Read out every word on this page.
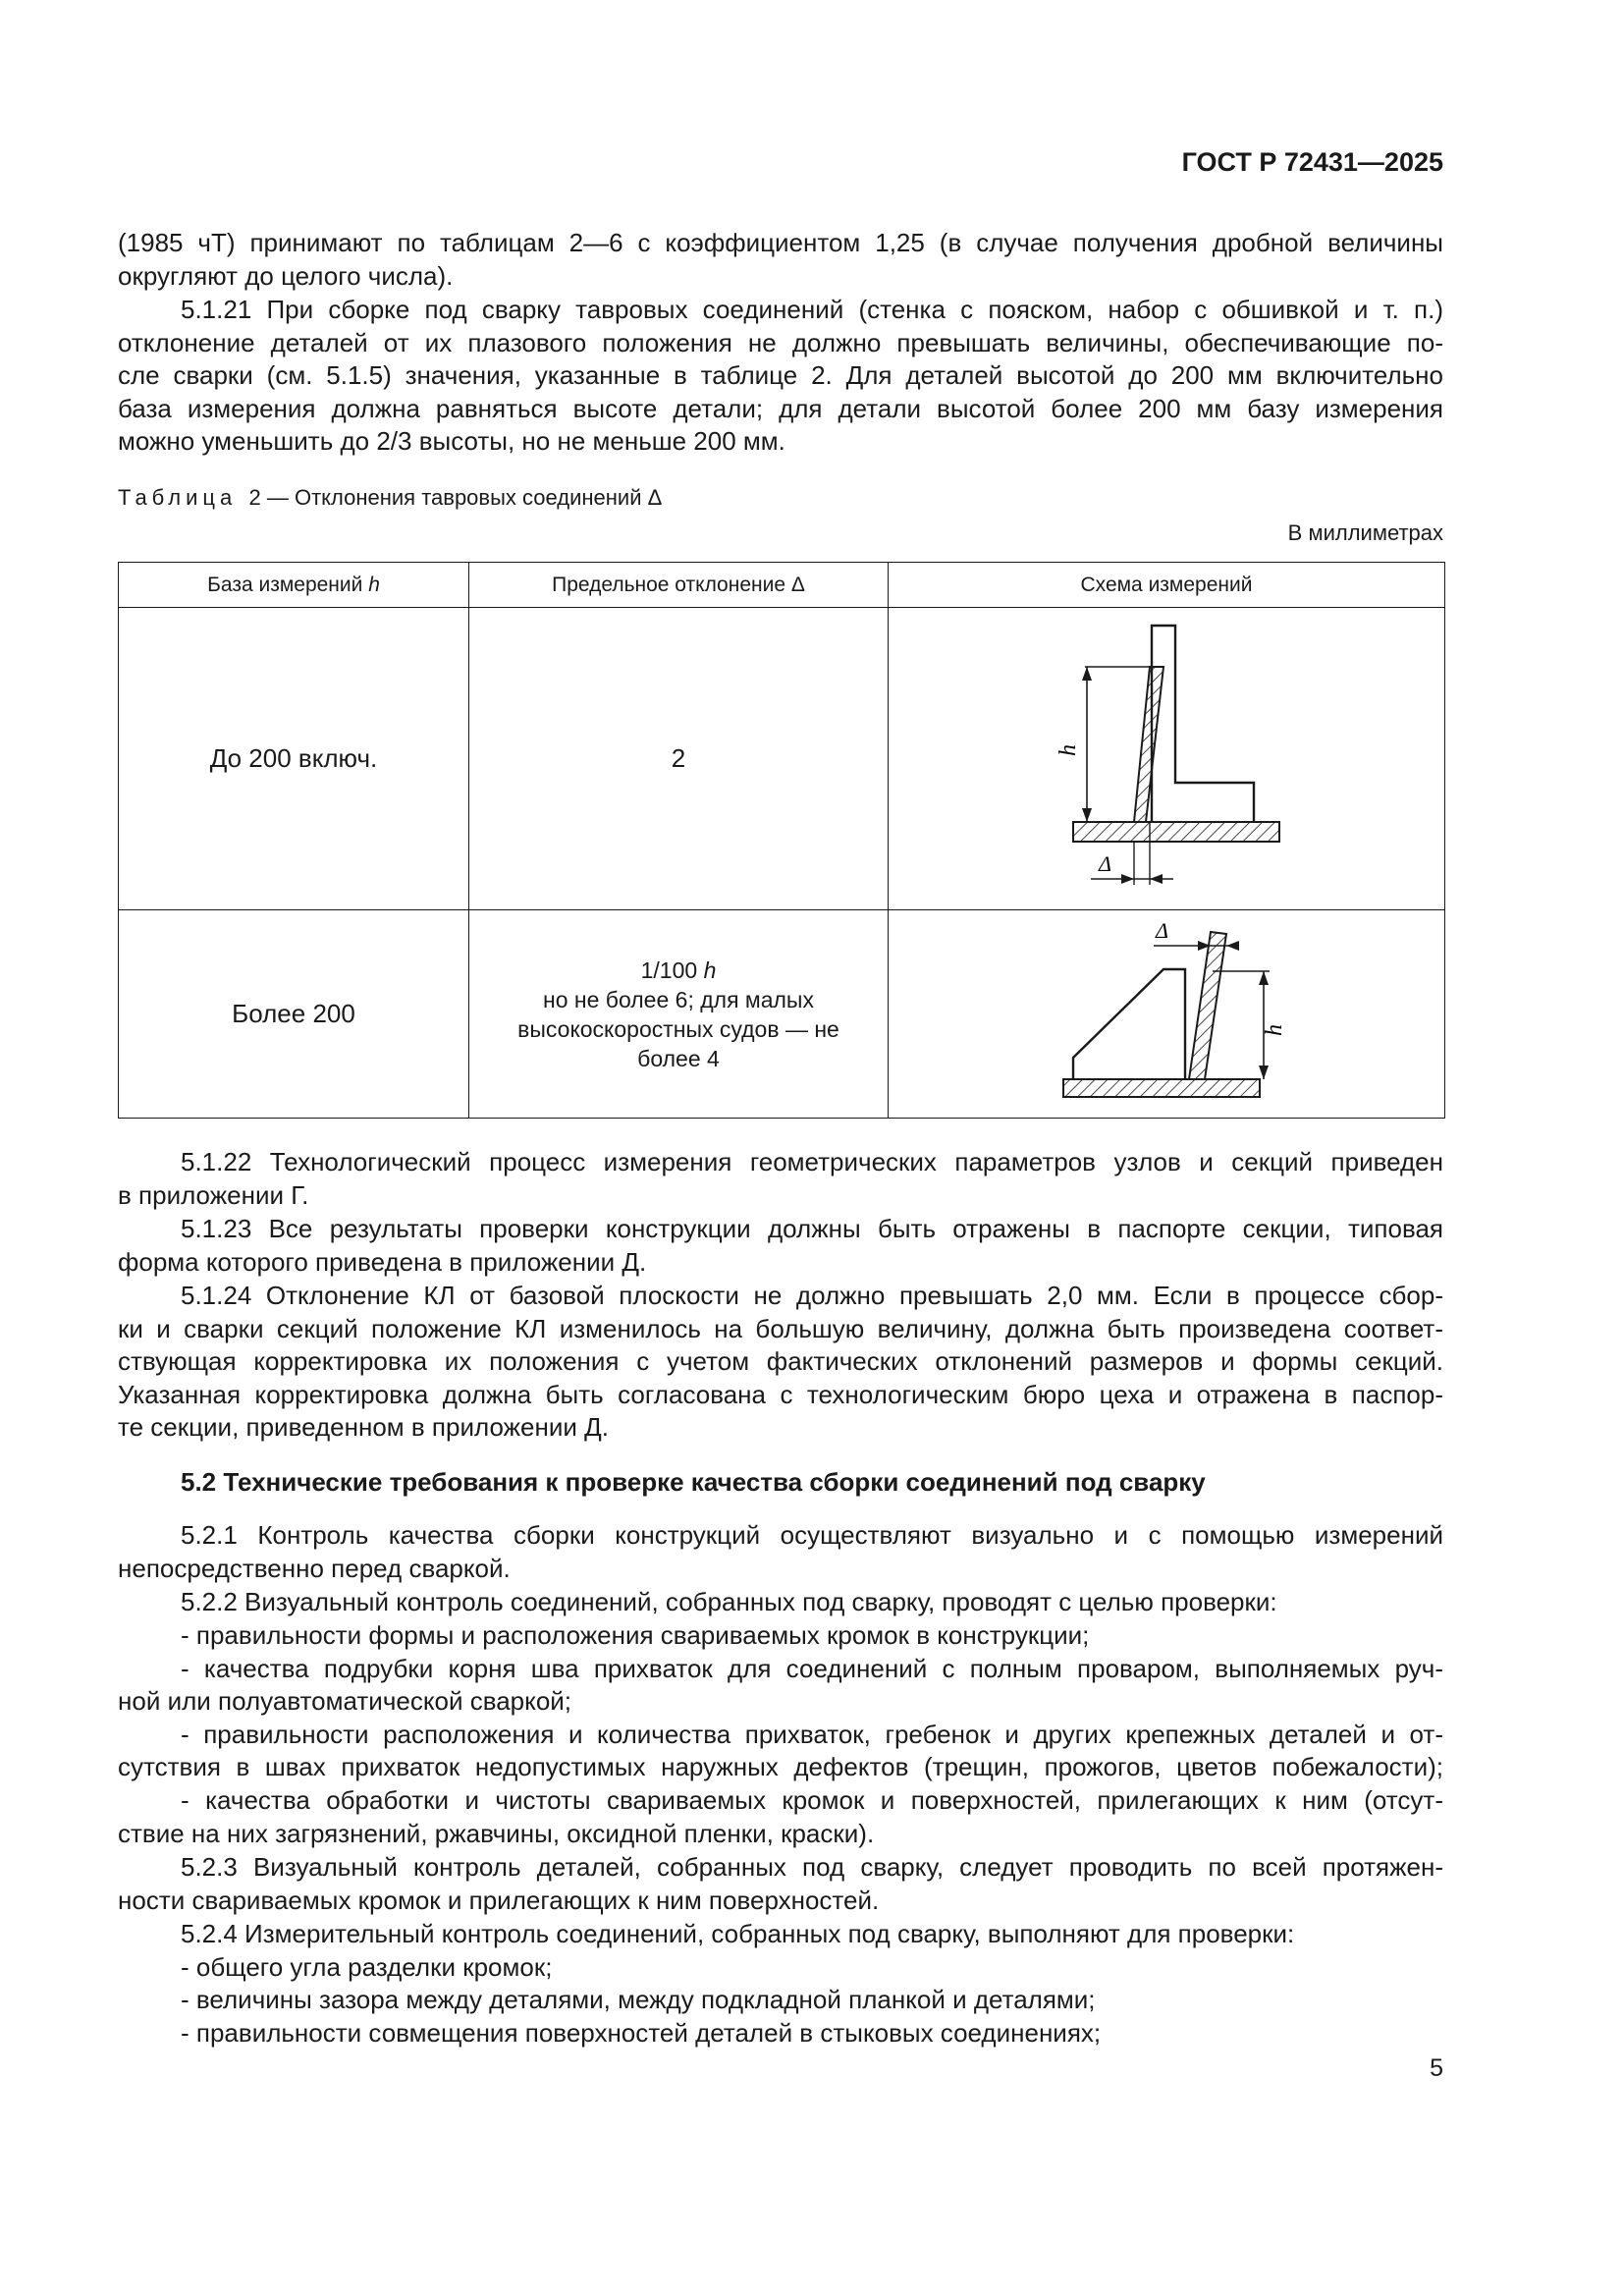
ГОСТ Р 72431—2025
(1985 чТ) принимают по таблицам 2—6 с коэффициентом 1,25 (в случае получения дробной величины
округляют до целого числа).
5.1.21 При сборке под сварку тавровых соединений (стенка с пояском, набор с обшивкой и т. п.)
отклонение деталей от их плазового положения не должно превышать величины, обеспечивающие по-
сле сварки (см. 5.1.5) значения, указанные в таблице 2. Для деталей высотой до 200 мм включительно
база измерения должна равняться высоте детали; для детали высотой более 200 мм базу измерения
можно уменьшить до 2/3 высоты, но не меньше 200 мм.
Таблица 2 — Отклонения тавровых соединений Δ
В миллиметрах
База измерений h	Предельное отклонение Δ	Схема измерений
До 200 включ.	2	h
Δ

Более 200	1/100 h
но не более 6; для малых
высокоскоростных судов — не
более 4	h
Δ
5.1.22 Технологический процесс измерения геометрических параметров узлов и секций приведен
в приложении Г.
5.1.23 Все результаты проверки конструкции должны быть отражены в паспорте секции, типовая
форма которого приведена в приложении Д.
5.1.24 Отклонение КЛ от базовой плоскости не должно превышать 2,0 мм. Если в процессе сбор-
ки и сварки секций положение КЛ изменилось на большую величину, должна быть произведена соответ-
ствующая корректировка их положения с учетом фактических отклонений размеров и формы секций.
Указанная корректировка должна быть согласована с технологическим бюро цеха и отражена в паспор-
те секции, приведенном в приложении Д.
5.2 Технические требования к проверке качества сборки соединений под сварку
5.2.1 Контроль качества сборки конструкций осуществляют визуально и с помощью измерений
непосредственно перед сваркой.
5.2.2 Визуальный контроль соединений, собранных под сварку, проводят с целью проверки:
- правильности формы и расположения свариваемых кромок в конструкции;
- качества подрубки корня шва прихваток для соединений с полным проваром, выполняемых руч-
ной или полуавтоматической сваркой;
- правильности расположения и количества прихваток, гребенок и других крепежных деталей и от-
сутствия в швах прихваток недопустимых наружных дефектов (трещин, прожогов, цветов побежалости);
- качества обработки и чистоты свариваемых кромок и поверхностей, прилегающих к ним (отсут-
ствие на них загрязнений, ржавчины, оксидной пленки, краски).
5.2.3 Визуальный контроль деталей, собранных под сварку, следует проводить по всей протяжен-
ности свариваемых кромок и прилегающих к ним поверхностей.
5.2.4 Измерительный контроль соединений, собранных под сварку, выполняют для проверки:
- общего угла разделки кромок;
- величины зазора между деталями, между подкладной планкой и деталями;
- правильности совмещения поверхностей деталей в стыковых соединениях;
5
